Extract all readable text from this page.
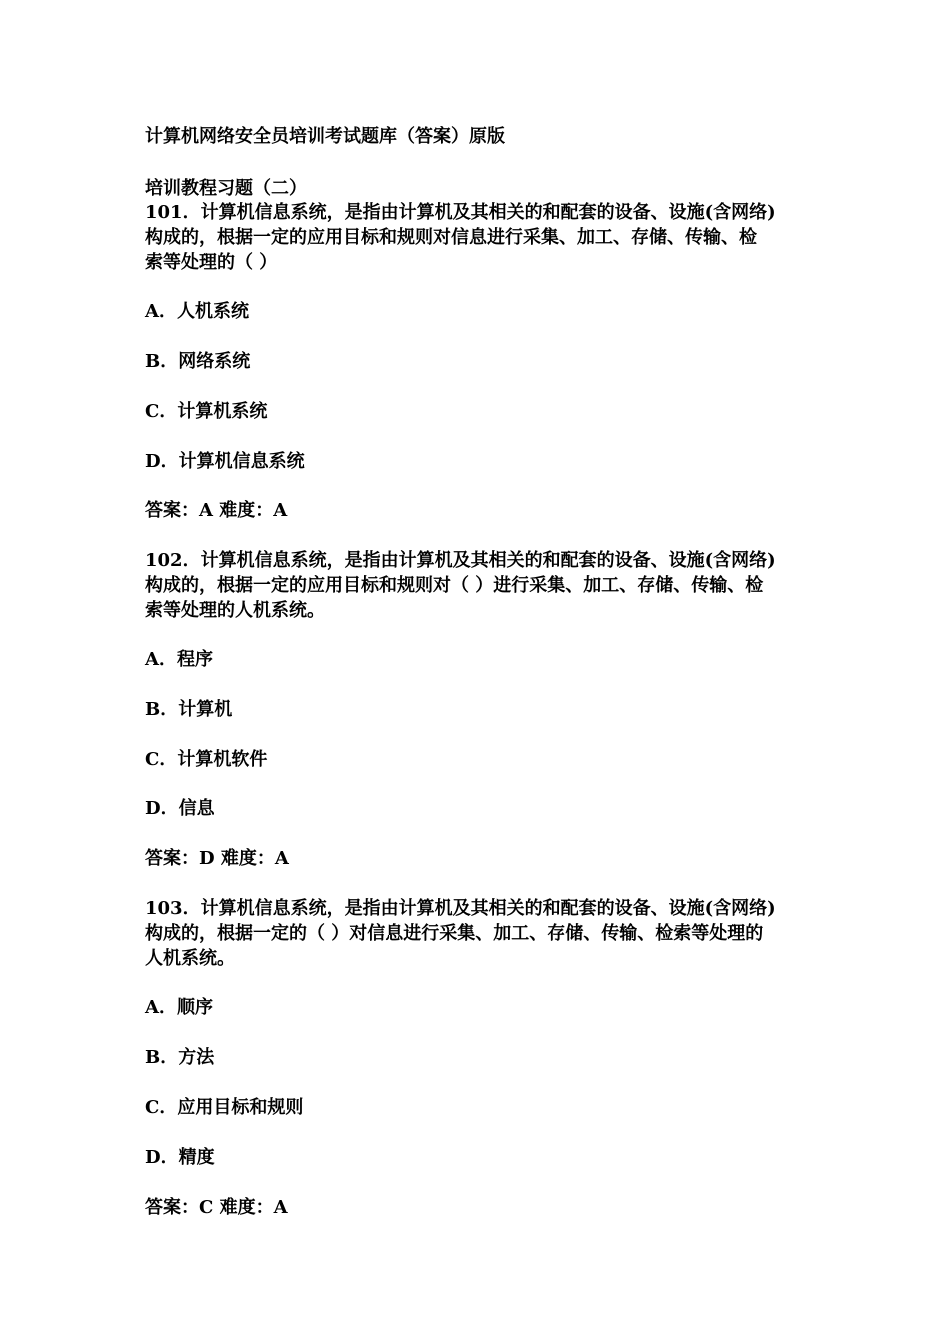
计算机网络安全员培训考试题库（答案）原版
培训教程习题（二）
101．计算机信息系统，是指由计算机及其相关的和配套的设备、设施(含网络)
构成的，根据一定的应用目标和规则对信息进行采集、加工、存储、传输、检
索等处理的（ ）
A．人机系统
B．网络系统
C．计算机系统
D．计算机信息系统
答案：A 难度：A
102．计算机信息系统，是指由计算机及其相关的和配套的设备、设施(含网络)
构成的，根据一定的应用目标和规则对（ ）进行采集、加工、存储、传输、检
索等处理的人机系统。
A．程序
B．计算机
C．计算机软件
D．信息
答案：D 难度：A
103．计算机信息系统，是指由计算机及其相关的和配套的设备、设施(含网络)
构成的，根据一定的（ ）对信息进行采集、加工、存储、传输、检索等处理的
人机系统。
A．顺序
B．方法
C．应用目标和规则
D．精度
答案：C 难度：A
